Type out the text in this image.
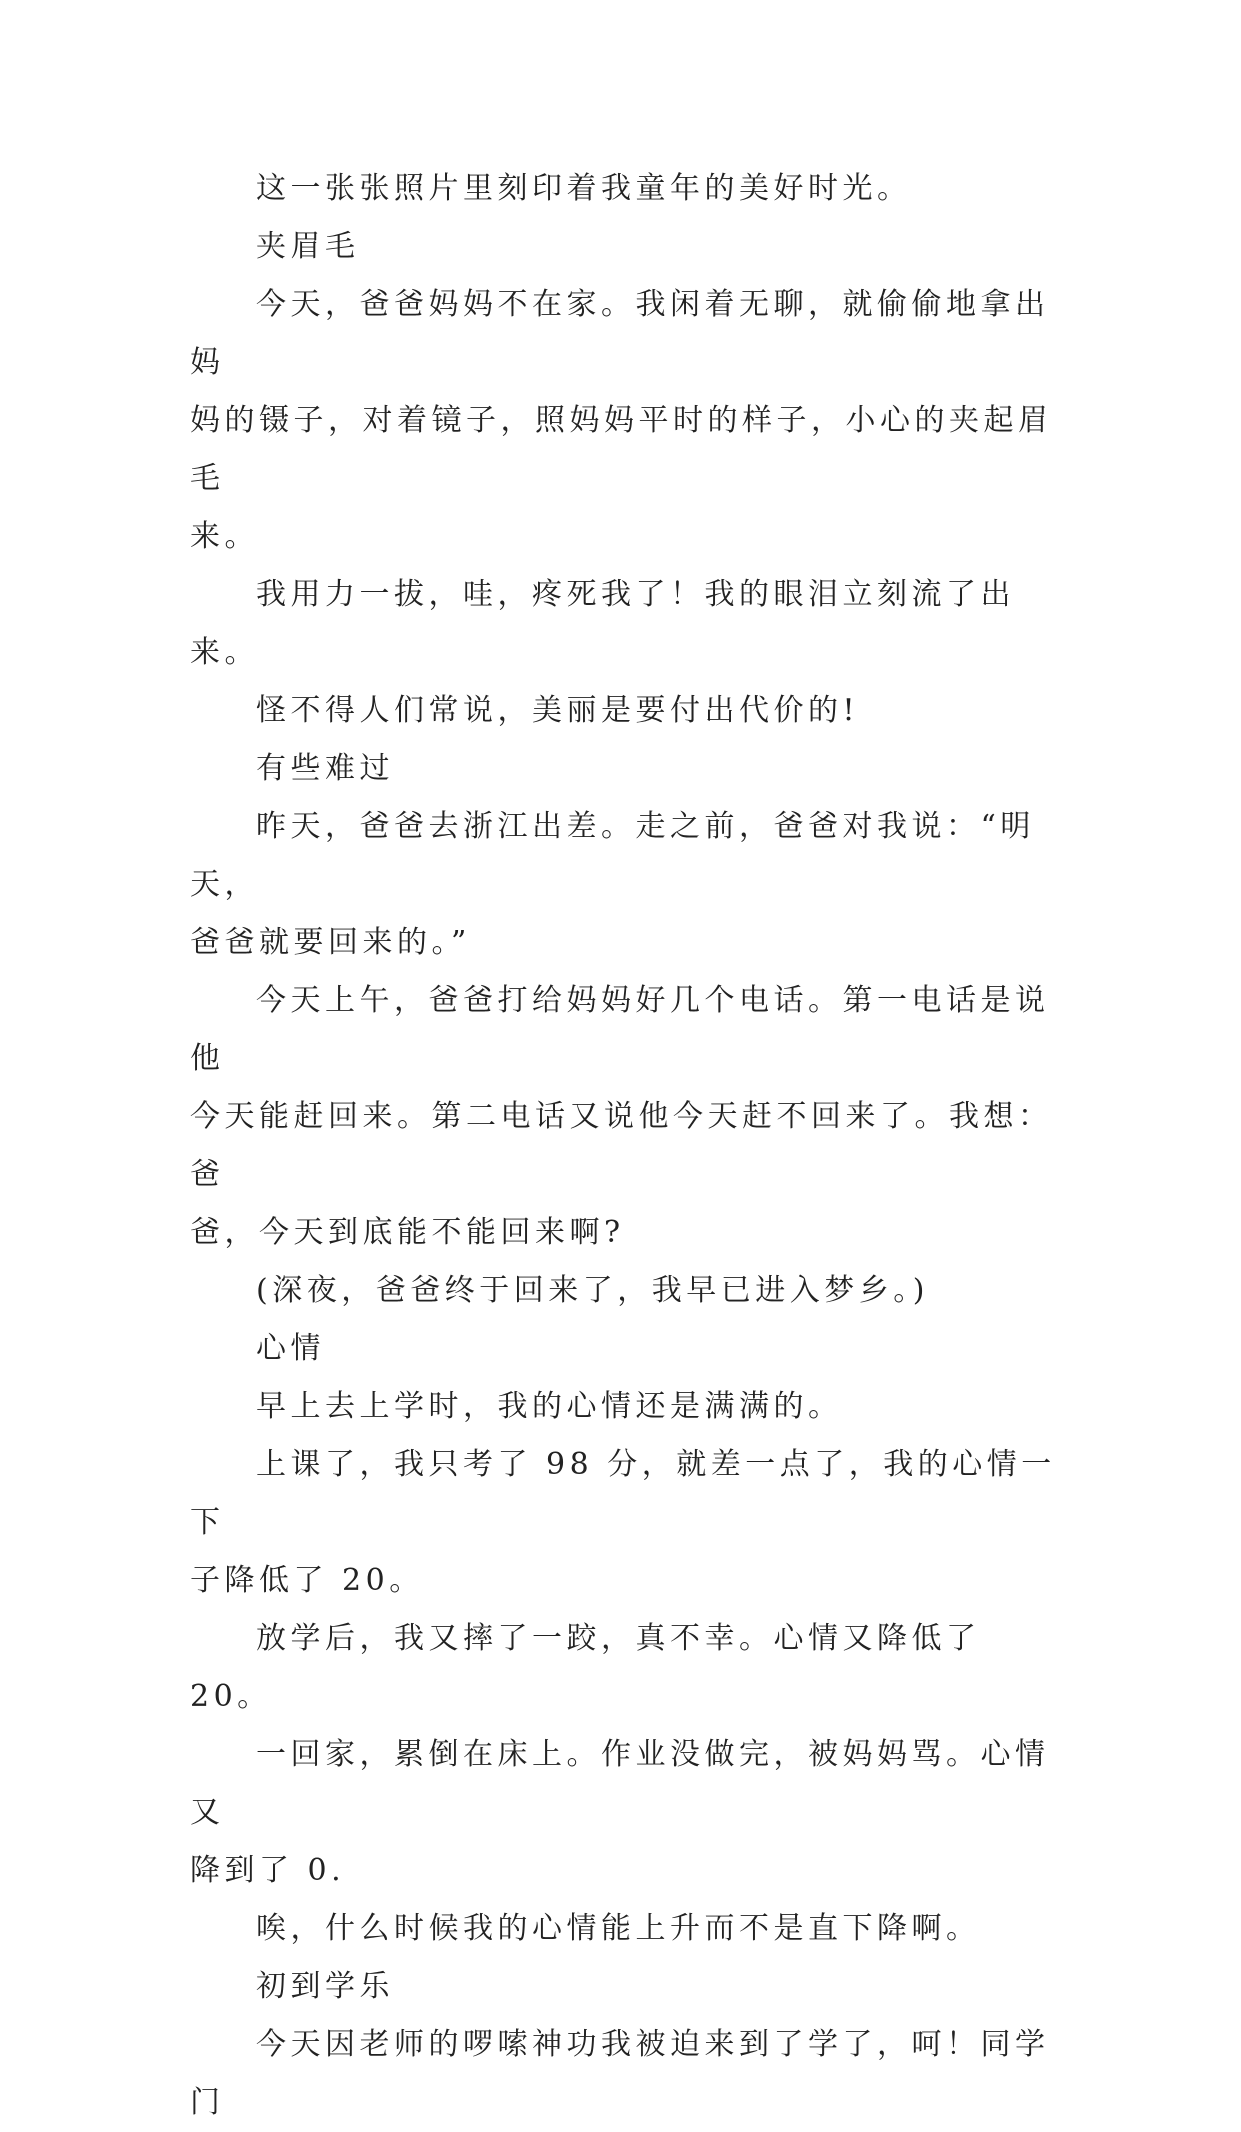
这一张张照片里刻印着我童年的美好时光。

夹眉毛

今天，爸爸妈妈不在家。我闲着无聊，就偷偷地拿出妈
妈的镊子，对着镜子，照妈妈平时的样子，小心的夹起眉毛
来。

我用力一拔，哇，疼死我了！我的眼泪立刻流了出来。

怪不得人们常说，美丽是要付出代价的!

有些难过

昨天，爸爸去浙江出差。走之前，爸爸对我说：“明天，
爸爸就要回来的。”

今天上午，爸爸打给妈妈好几个电话。第一电话是说他
今天能赶回来。第二电话又说他今天赶不回来了。我想：爸
爸，今天到底能不能回来啊?

(深夜，爸爸终于回来了，我早已进入梦乡。)

心情

早上去上学时，我的心情还是满满的。

上课了，我只考了 98 分，就差一点了，我的心情一下
子降低了 20。

放学后，我又摔了一跤，真不幸。心情又降低了 20。

一回家，累倒在床上。作业没做完，被妈妈骂。心情又
降到了 0.

唉，什么时候我的心情能上升而不是直下降啊。

初到学乐

今天因老师的啰嗦神功我被迫来到了学了，呵！同学门
